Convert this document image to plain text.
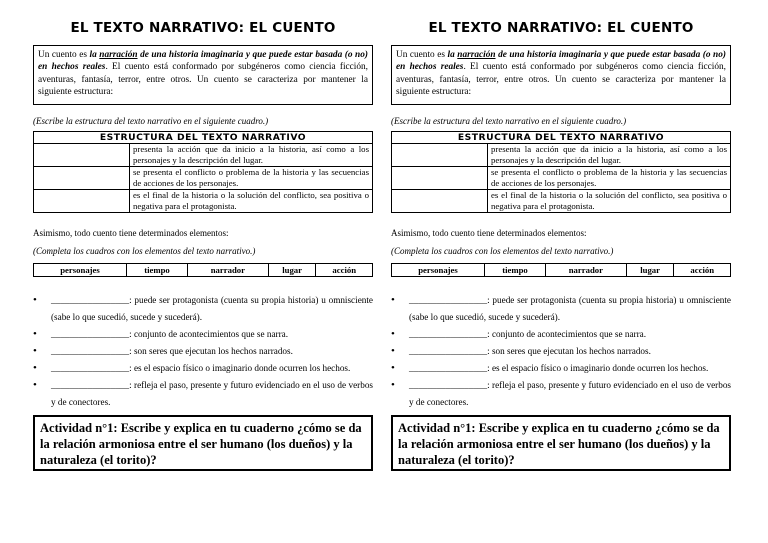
EL TEXTO NARRATIVO: EL CUENTO
Un cuento es la narración de una historia imaginaria y que puede estar basada (o no) en hechos reales. El cuento está conformado por subgéneros como ciencia ficción, aventuras, fantasía, terror, entre otros. Un cuento se caracteriza por mantener la siguiente estructura:
(Escribe la estructura del texto narrativo en el siguiente cuadro.)
ESTRUCTURA DEL TEXTO NARRATIVO	
	presenta la acción que da inicio a la historia, así como a los personajes y la descripción del lugar.
	se presenta el conflicto o problema de la historia y las secuencias de acciones de los personajes.
	es el final de la historia o la solución del conflicto, sea positiva o negativa para el protagonista.
Asimismo, todo cuento tiene determinados elementos:
(Completa los cuadros con los elementos del texto narrativo.)
personajes	tiempo	narrador	lugar	acción
• _________________: puede ser protagonista (cuenta su propia historia) u omnisciente (sabe lo que sucedió, sucede y sucederá).
• _________________: conjunto de acontecimientos que se narra.
• _________________: son seres que ejecutan los hechos narrados.
• _________________: es el espacio físico o imaginario donde ocurren los hechos.
• _________________: refleja el paso, presente y futuro evidenciado en el uso de verbos y de conectores.
Actividad n°1: Escribe y explica en tu cuaderno ¿cómo se da la relación armoniosa entre el ser humano (los dueños) y la naturaleza (el torito)?
EL TEXTO NARRATIVO: EL CUENTO
Un cuento es la narración de una historia imaginaria y que puede estar basada (o no) en hechos reales. El cuento está conformado por subgéneros como ciencia ficción, aventuras, fantasía, terror, entre otros. Un cuento se caracteriza por mantener la siguiente estructura:
(Escribe la estructura del texto narrativo en el siguiente cuadro.)
ESTRUCTURA DEL TEXTO NARRATIVO	
	presenta la acción que da inicio a la historia, así como a los personajes y la descripción del lugar.
	se presenta el conflicto o problema de la historia y las secuencias de acciones de los personajes.
	es el final de la historia o la solución del conflicto, sea positiva o negativa para el protagonista.
Asimismo, todo cuento tiene determinados elementos:
(Completa los cuadros con los elementos del texto narrativo.)
personajes	tiempo	narrador	lugar	acción
• _________________: puede ser protagonista (cuenta su propia historia) u omnisciente (sabe lo que sucedió, sucede y sucederá).
• _________________: conjunto de acontecimientos que se narra.
• _________________: son seres que ejecutan los hechos narrados.
• _________________: es el espacio físico o imaginario donde ocurren los hechos.
• _________________: refleja el paso, presente y futuro evidenciado en el uso de verbos y de conectores.
Actividad n°1: Escribe y explica en tu cuaderno ¿cómo se da la relación armoniosa entre el ser humano (los dueños) y la naturaleza (el torito)?
